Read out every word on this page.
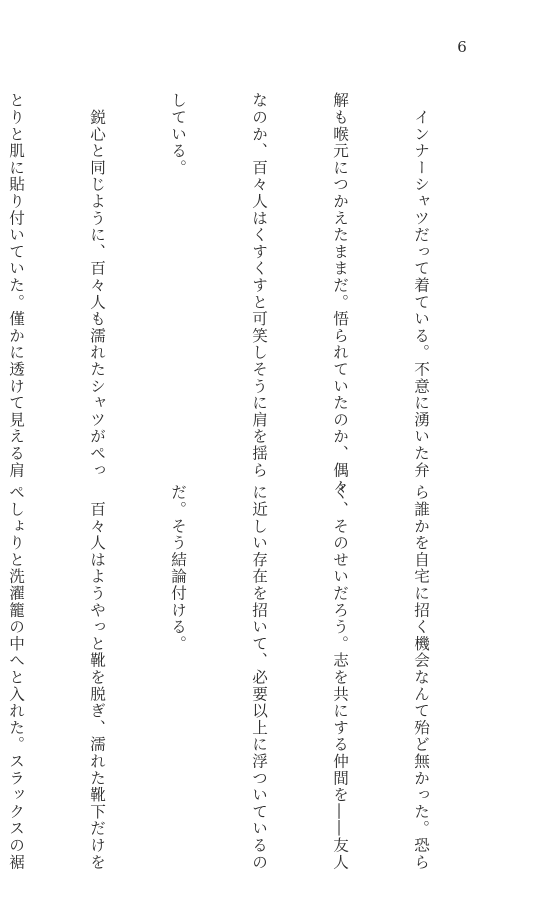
6

　インナーシャツだって着ている。不意に湧いた弁

解も喉元につかえたままだ。悟られていたのか、偶々

なのか、百々人はくすくすと可笑しそうに肩を揺ら

している。

　鋭心と同じように、百々人も濡れたシャツがぺっ

とりと肌に貼り付いていた。僅かに透けて見える肩

ら誰かを自宅に招く機会なんて殆ど無かった。恐ら

く、そのせいだろう。志を共にする仲間を――友人

に近しい存在を招いて、必要以上に浮ついているの

だ。そう結論付ける。

　百々人はようやっと靴を脱ぎ、濡れた靴下だけを

ぺしょりと洗濯籠の中へと入れた。スラックスの裾
